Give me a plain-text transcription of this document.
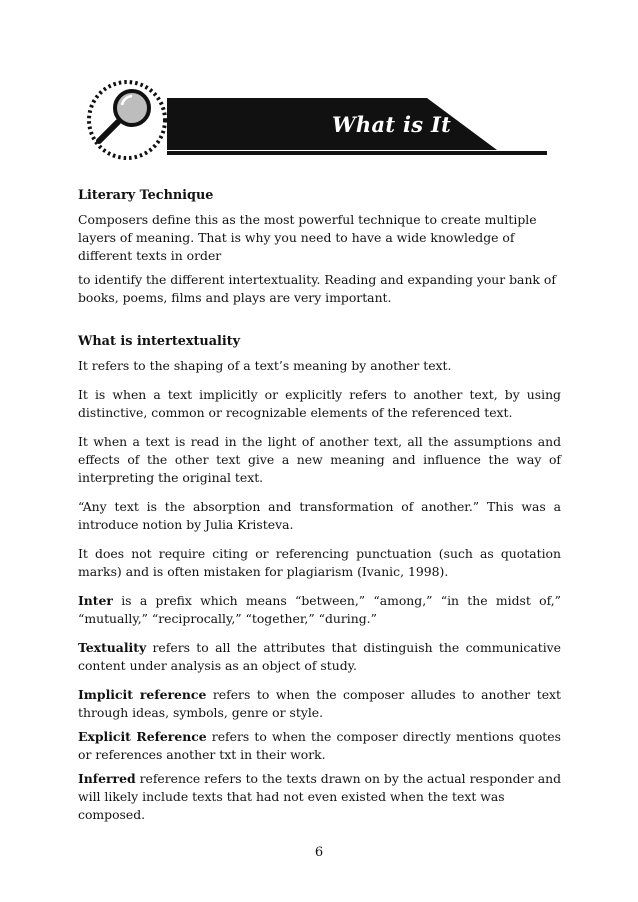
What is It
Literary Technique

Composers define this as the most powerful technique to create multiple layers of meaning. That is why you need to have a wide knowledge of different texts in order

to identify the different intertextuality. Reading and expanding your bank of books, poems, films and plays are very important.

What is intertextuality

It refers to the shaping of a text’s meaning by another text.

It is when a text implicitly or explicitly refers to another text, by using distinctive, common or recognizable elements of the referenced text.

It when a text is read in the light of another text, all the assumptions and effects of the other text give a new meaning and influence the way of interpreting the original text.

“Any text is the absorption and transformation of another.” This was a introduce notion by Julia Kristeva.

It does not require citing or referencing punctuation (such as quotation marks) and is often mistaken for plagiarism (Ivanic, 1998).

Inter is a prefix which means “between,” “among,” “in the midst of,” “mutually,” “reciprocally,” “together,” “during.”

Textuality refers to all the attributes that distinguish the communicative content under analysis as an object of study.

Implicit reference refers to when the composer alludes to another text through ideas, symbols, genre or style.

Explicit Reference refers to when the composer directly mentions quotes or references another txt in their work.

Inferred reference refers to the texts drawn on by the actual responder and will likely include texts that had not even existed when the text was composed.

6
